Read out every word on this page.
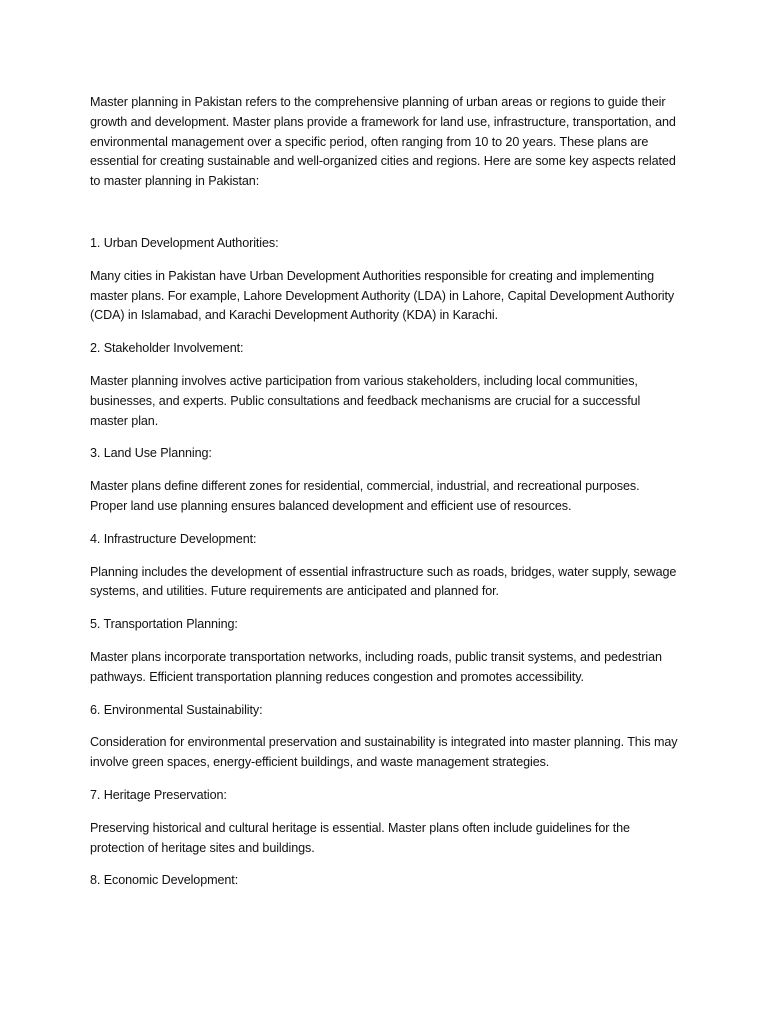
Master planning in Pakistan refers to the comprehensive planning of urban areas or regions to guide their growth and development. Master plans provide a framework for land use, infrastructure, transportation, and environmental management over a specific period, often ranging from 10 to 20 years. These plans are essential for creating sustainable and well-organized cities and regions. Here are some key aspects related to master planning in Pakistan:

1. Urban Development Authorities:

Many cities in Pakistan have Urban Development Authorities responsible for creating and implementing master plans. For example, Lahore Development Authority (LDA) in Lahore, Capital Development Authority (CDA) in Islamabad, and Karachi Development Authority (KDA) in Karachi.

2. Stakeholder Involvement:

Master planning involves active participation from various stakeholders, including local communities, businesses, and experts. Public consultations and feedback mechanisms are crucial for a successful master plan.

3. Land Use Planning:

Master plans define different zones for residential, commercial, industrial, and recreational purposes. Proper land use planning ensures balanced development and efficient use of resources.

4. Infrastructure Development:

Planning includes the development of essential infrastructure such as roads, bridges, water supply, sewage systems, and utilities. Future requirements are anticipated and planned for.

5. Transportation Planning:

Master plans incorporate transportation networks, including roads, public transit systems, and pedestrian pathways. Efficient transportation planning reduces congestion and promotes accessibility.

6. Environmental Sustainability:

Consideration for environmental preservation and sustainability is integrated into master planning. This may involve green spaces, energy-efficient buildings, and waste management strategies.

7. Heritage Preservation:

Preserving historical and cultural heritage is essential. Master plans often include guidelines for the protection of heritage sites and buildings.

8. Economic Development:
